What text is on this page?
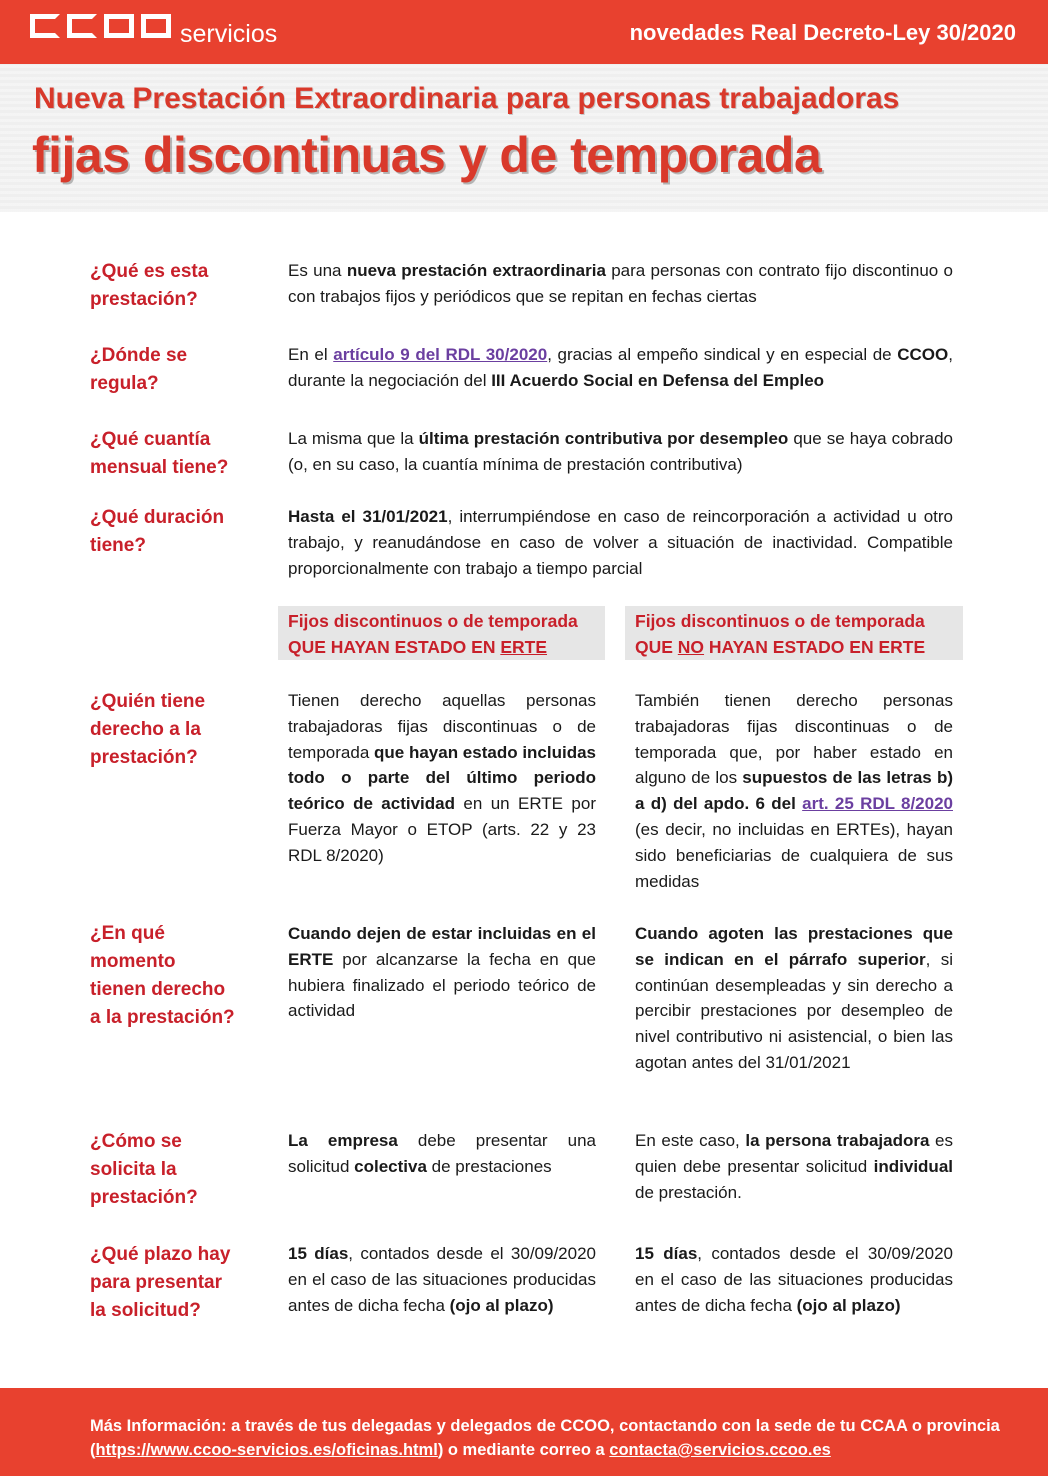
servicios	novedades Real Decreto-Ley 30/2020
Nueva Prestación Extraordinaria para personas trabajadoras
fijas discontinuas y de temporada
¿Qué es esta
prestación?
Es una nueva prestación extraordinaria para personas con contrato fijo discontinuo o con trabajos fijos y periódicos que se repitan en fechas ciertas
¿Dónde se
regula?
En el artículo 9 del RDL 30/2020, gracias al empeño sindical y en especial de CCOO, durante la negociación del III Acuerdo Social en Defensa del Empleo
¿Qué cuantía
mensual tiene?
La misma que la última prestación contributiva por desempleo que se haya cobrado (o, en su caso, la cuantía mínima de prestación contributiva)
¿Qué duración
tiene?
Hasta el 31/01/2021, interrumpiéndose en caso de reincorporación a actividad u otro trabajo, y reanudándose en caso de volver a situación de inactividad. Compatible proporcionalmente con trabajo a tiempo parcial
Fijos discontinuos o de temporada
QUE HAYAN ESTADO EN ERTE
Fijos discontinuos o de temporada
QUE NO HAYAN ESTADO EN ERTE
¿Quién tiene
derecho a la
prestación?
Tienen derecho aquellas personas trabajadoras fijas discontinuas o de temporada que hayan estado incluidas todo o parte del último periodo teórico de actividad en un ERTE por Fuerza Mayor o ETOP (arts. 22 y 23 RDL 8/2020)
También tienen derecho personas trabajadoras fijas discontinuas o de temporada que, por haber estado en alguno de los supuestos de las letras b) a d) del apdo. 6 del art. 25 RDL 8/2020 (es decir, no incluidas en ERTEs), hayan sido beneficiarias de cualquiera de sus medidas
¿En qué
momento
tienen derecho
a la prestación?
Cuando dejen de estar incluidas en el ERTE por alcanzarse la fecha en que hubiera finalizado el periodo teórico de actividad
Cuando agoten las prestaciones que se indican en el párrafo superior, si continúan desempleadas y sin derecho a percibir prestaciones por desempleo de nivel contributivo ni asistencial, o bien las agotan antes del 31/01/2021
¿Cómo se
solicita la
prestación?
La empresa debe presentar una solicitud colectiva de prestaciones
En este caso, la persona trabajadora es quien debe presentar solicitud individual de prestación.
¿Qué plazo hay
para presentar
la solicitud?
15 días, contados desde el 30/09/2020 en el caso de las situaciones producidas antes de dicha fecha (ojo al plazo)
15 días, contados desde el 30/09/2020 en el caso de las situaciones producidas antes de dicha fecha (ojo al plazo)
Más Información: a través de tus delegadas y delegados de CCOO, contactando con la sede de tu CCAA o provincia (https://www.ccoo-servicios.es/oficinas.html) o mediante correo a contacta@servicios.ccoo.es
